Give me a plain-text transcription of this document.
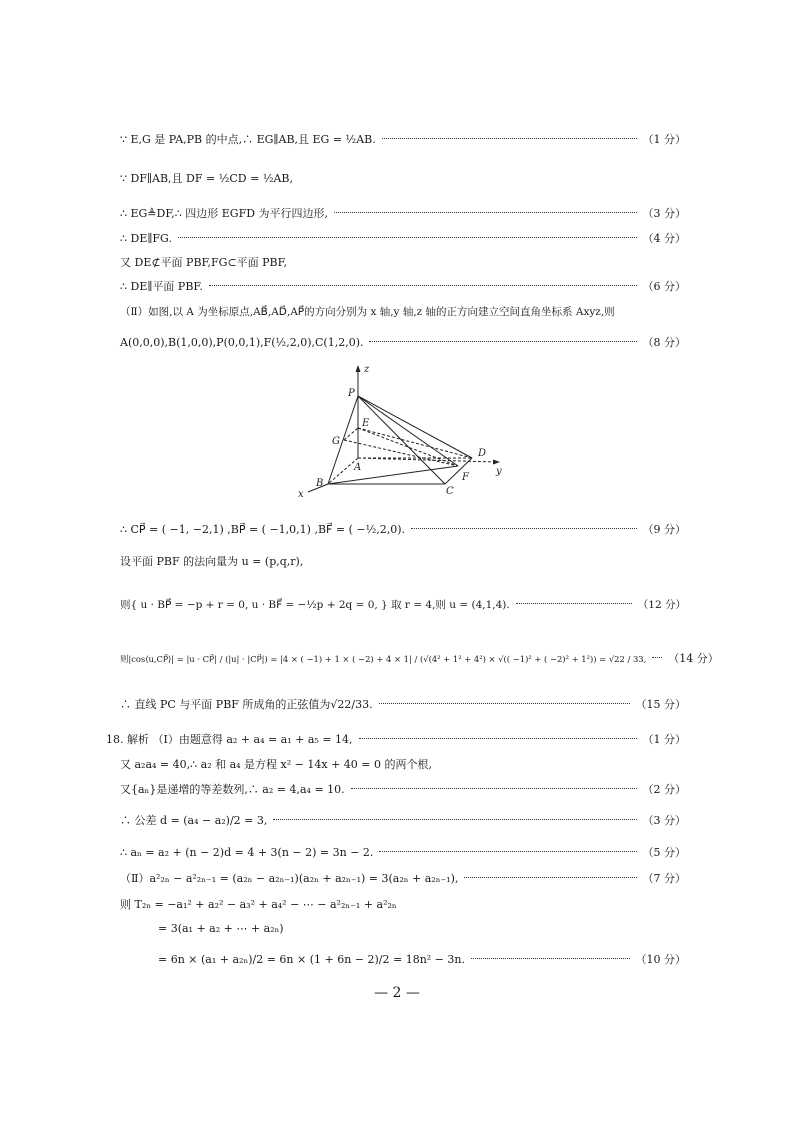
∵ E,G 是 PA,PB 的中点,∴ EG∥AB,且 EG = ½AB.	（1 分）
∵ DF∥AB,且 DF = ½CD = ½AB,
∴ EG≜DF,∴ 四边形 EGFD 为平行四边形,	（3 分）
∴ DE∥FG.	（4 分）
又 DE⊄平面 PBF,FG⊂平面 PBF,
∴ DE∥平面 PBF.	（6 分）
（Ⅱ）如图,以 A 为坐标原点,AB⃗,AD⃗,AP⃗的方向分别为 x 轴,y 轴,z 轴的正方向建立空间直角坐标系 Axyz,则
A(0,0,0),B(1,0,0),P(0,0,1),F(½,2,0),C(1,2,0).	（8 分）
z
y
x
P
E
G
A
B
C
D
F
∴ CP⃗ = ( −1, −2,1) ,BP⃗ = ( −1,0,1) ,BF⃗ = ( −½,2,0).	（9 分）
设平面 PBF 的法向量为 u = (p,q,r),
则{ u · BP⃗ = −p + r = 0, u · BF⃗ = −½p + 2q = 0, } 取 r = 4,则 u = (4,1,4).	（12 分）
则|cos⟨u,CP⃗⟩| = |u · CP⃗| / (|u| · |CP⃗|) = |4 × ( −1) + 1 × ( −2) + 4 × 1| / (√(4² + 1² + 4²) × √(( −1)² + ( −2)² + 1²)) = √22 / 33, （14 分）
∴ 直线 PC 与平面 PBF 所成角的正弦值为√22/33.	（15 分）
18. 解析 （Ⅰ）由题意得 a₂ + a₄ = a₁ + a₅ = 14,	（1 分）
又 a₂a₄ = 40,∴ a₂ 和 a₄ 是方程 x² − 14x + 40 = 0 的两个根,
又{aₙ}是递增的等差数列,∴ a₂ = 4,a₄ = 10.	（2 分）
∴ 公差 d = (a₄ − a₂)/2 = 3,	（3 分）
∴ aₙ = a₂ + (n − 2)d = 4 + 3(n − 2) = 3n − 2.	（5 分）
（Ⅱ）a²₂ₙ − a²₂ₙ₋₁ = (a₂ₙ − a₂ₙ₋₁)(a₂ₙ + a₂ₙ₋₁) = 3(a₂ₙ + a₂ₙ₋₁),	（7 分）
则 T₂ₙ = −a₁² + a₂² − a₃² + a₄² − ⋯ − a²₂ₙ₋₁ + a²₂ₙ
= 3(a₁ + a₂ + ⋯ + a₂ₙ)
= 6n × (a₁ + a₂ₙ)/2 = 6n × (1 + 6n − 2)/2 = 18n² − 3n.	（10 分）
— 2 —
